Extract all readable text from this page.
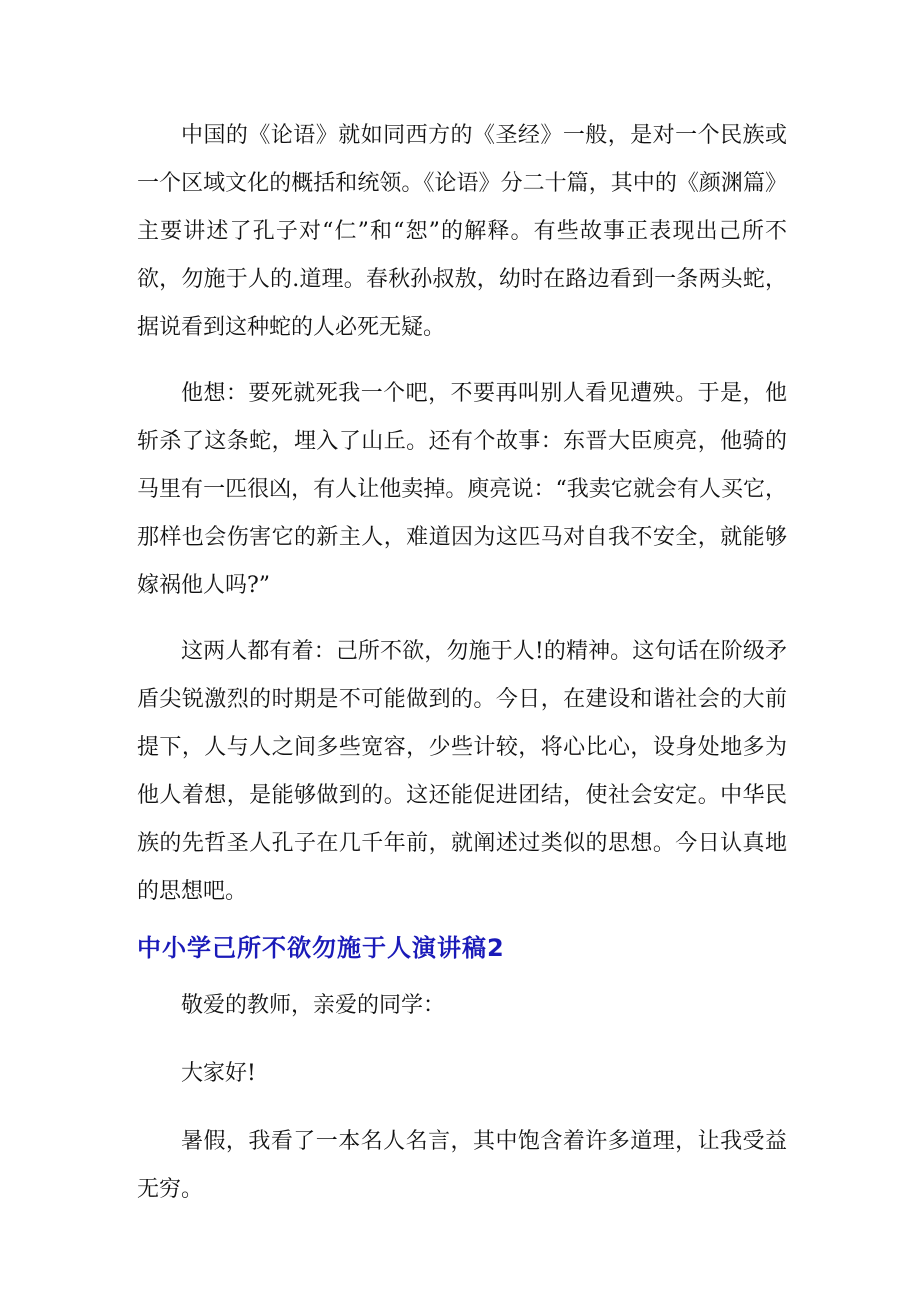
中国的《论语》就如同西方的《圣经》一般，是对一个民族或一个区域文化的概括和统领。《论语》分二十篇，其中的《颜渊篇》主要讲述了孔子对“仁”和“恕”的解释。有些故事正表现出己所不欲，勿施于人的.道理。春秋孙叔敖，幼时在路边看到一条两头蛇，据说看到这种蛇的人必死无疑。

他想：要死就死我一个吧，不要再叫别人看见遭殃。于是，他斩杀了这条蛇，埋入了山丘。还有个故事：东晋大臣庾亮，他骑的马里有一匹很凶，有人让他卖掉。庾亮说：“我卖它就会有人买它，那样也会伤害它的新主人，难道因为这匹马对自我不安全，就能够嫁祸他人吗?”

这两人都有着：己所不欲，勿施于人!的精神。这句话在阶级矛盾尖锐激烈的时期是不可能做到的。今日，在建设和谐社会的大前提下，人与人之间多些宽容，少些计较，将心比心，设身处地多为他人着想，是能够做到的。这还能促进团结，使社会安定。中华民族的先哲圣人孔子在几千年前，就阐述过类似的思想。今日认真地的思想吧。

中小学己所不欲勿施于人演讲稿2

敬爱的教师，亲爱的同学：

大家好!

暑假，我看了一本名人名言，其中饱含着许多道理，让我受益无穷。
